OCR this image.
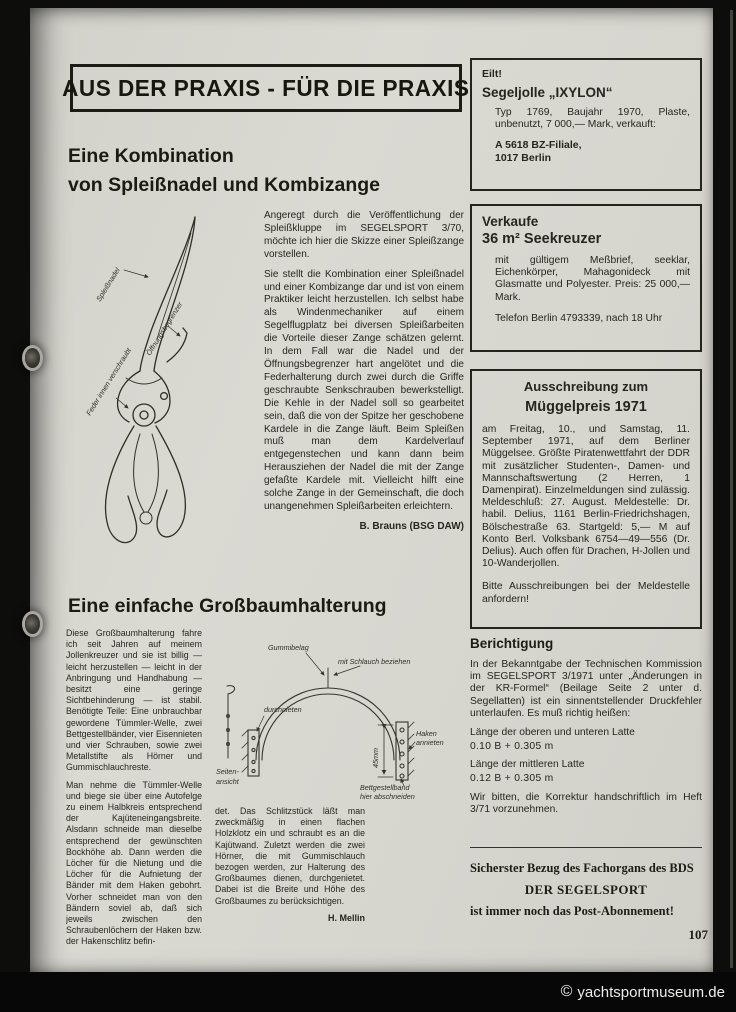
AUS DER PRAXIS - FÜR DIE PRAXIS
Eilt!
Segeljolle „IXYLON“
Typ 1769, Baujahr 1970, Plaste, unbenutzt, 7 000,— Mark, verkauft:
A 5618 BZ-Filiale,
1017 Berlin
Verkaufe
36 m² Seekreuzer
mit gültigem Meßbrief, seeklar, Eichenkörper, Mahagonideck mit Glasmatte und Polyester. Preis: 25 000,— Mark.
Telefon Berlin 4793339, nach 18 Uhr
Ausschreibung zum
Müggelpreis 1971
am Freitag, 10., und Samstag, 11. September 1971, auf dem Berliner Müggelsee. Größte Piratenwettfahrt der DDR mit zusätzlicher Studenten-, Damen- und Mannschaftswertung (2 Herren, 1 Damenpirat). Einzelmeldungen sind zulässig. Meldeschluß: 27. August. Meldestelle: Dr. habil. Delius, 1161 Berlin-Friedrichshagen, Bölschestraße 63. Startgeld: 5,— M auf Konto Berl. Volksbank 6754—49—556 (Dr. Delius). Auch offen für Drachen, H-Jollen und 10-Wanderjollen.
Bitte Ausschreibungen bei der Meldestelle anfordern!
Berichtigung
In der Bekanntgabe der Technischen Kommission im SEGELSPORT 3/1971 unter „Änderungen in der KR-Formel“ (Beilage Seite 2 unter d. Segellatten) ist ein sinnentstellender Druckfehler unterlaufen. Es muß richtig heißen:
Länge der oberen und unteren Latte
0.10 B + 0.305 m
Länge der mittleren Latte
0.12 B + 0.305 m
Wir bitten, die Korrektur handschriftlich im Heft 3/71 vorzunehmen.
Sicherster Bezug des Fachorgans des BDS
DER SEGELSPORT
ist immer noch das Post-Abonnement!
Eine Kombination
von Spleißnadel und Kombizange
Spleißnadel
Öffnungsbegrenzer
Feder innen verschraubt

Angeregt durch die Veröffentlichung der Spleißkluppe im SEGELSPORT 3/70, möchte ich hier die Skizze einer Spleißzange vorstellen.

Sie stellt die Kombination einer Spleißnadel und einer Kombizange dar und ist von einem Praktiker leicht herzustellen. Ich selbst habe als Windenmechaniker auf einem Segelflugplatz bei diversen Spleißarbeiten die Vorteile dieser Zange schätzen gelernt. In dem Fall war die Nadel und der Öffnungsbegrenzer hart angelötet und die Federhalterung durch zwei durch die Griffe geschraubte Senkschrauben bewerkstelligt. Die Kehle in der Nadel soll so gearbeitet sein, daß die von der Spitze her geschobene Kardele in die Zange läuft. Beim Spleißen muß man dem Kardelverlauf entgegenstechen und kann dann beim Herausziehen der Nadel die mit der Zange gefaßte Kardele mit. Vielleicht hilft eine solche Zange in der Gemeinschaft, die doch unangenehmen Spleißarbeiten erleichtern.

B. Brauns (BSG DAW)
Eine einfache Großbaumhalterung

Diese Großbaumhalterung fahre ich seit Jahren auf meinem Jollenkreuzer und sie ist billig — leicht herzustellen — leicht in der Anbringung und Handhabung — besitzt eine geringe Sichtbehinderung — ist stabil. Benötigte Teile: Eine unbrauchbar gewordene Tümmler-Welle, zwei Bettgestellbänder, vier Eisennieten und vier Schrauben, sowie zwei Metallstifte als Hörner und Gummischlauchreste.

Man nehme die Tümmler-Welle und biege sie über eine Autofelge zu einem Halbkreis entsprechend der Kajüteneingangsbreite. Alsdann schneide man dieselbe entsprechend der gewünschten Bockhöhe ab. Dann werden die Löcher für die Nietung und die Löcher für die Aufnietung der Bänder mit dem Haken gebohrt. Vorher schneidet man von den Bändern soviel ab, daß sich jeweils zwischen den Schraubenlöchern der Haken bzw. der Hakenschlitz befin-

Gummibelag
mit Schlauch beziehen
durchnieten
45mm
Haken
annieten
Bettgestellband
hier abschneiden
Seiten-
ansicht

det. Das Schlitzstück läßt man zweckmäßig in einen flachen Holzklotz ein und schraubt es an die Kajütwand. Zuletzt werden die zwei Hörner, die mit Gummischlauch bezogen werden, zur Halterung des Großbaumes dienen, durchgenietet. Dabei ist die Breite und Höhe des Großbaumes zu berücksichtigen.

H. Mellin
107
© yachtsportmuseum.de
